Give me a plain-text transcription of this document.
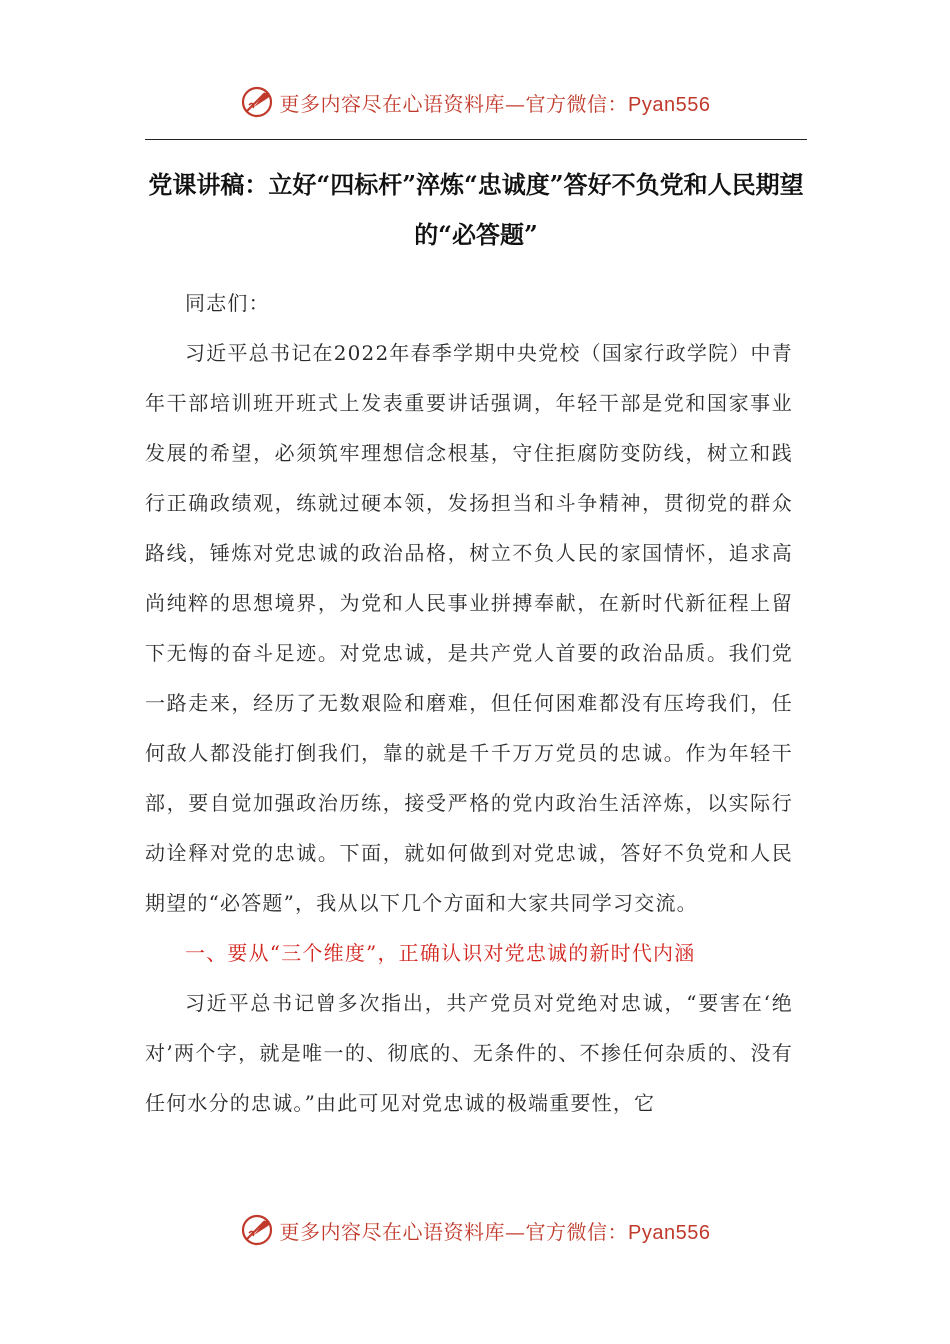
更多内容尽在心语资料库—官方微信：Pyan556
党课讲稿：立好“四标杆”淬炼“忠诚度”答好不负党和人民期望的“必答题”

同志们：

习近平总书记在2022年春季学期中央党校（国家行政学院）中青年干部培训班开班式上发表重要讲话强调，年轻干部是党和国家事业发展的希望，必须筑牢理想信念根基，守住拒腐防变防线，树立和践行正确政绩观，练就过硬本领，发扬担当和斗争精神，贯彻党的群众路线，锤炼对党忠诚的政治品格，树立不负人民的家国情怀，追求高尚纯粹的思想境界，为党和人民事业拼搏奉献，在新时代新征程上留下无悔的奋斗足迹。对党忠诚，是共产党人首要的政治品质。我们党一路走来，经历了无数艰险和磨难，但任何困难都没有压垮我们，任何敌人都没能打倒我们，靠的就是千千万万党员的忠诚。作为年轻干部，要自觉加强政治历练，接受严格的党内政治生活淬炼，以实际行动诠释对党的忠诚。下面，就如何做到对党忠诚，答好不负党和人民期望的“必答题”，我从以下几个方面和大家共同学习交流。

一、要从“三个维度”，正确认识对党忠诚的新时代内涵

习近平总书记曾多次指出，共产党员对党绝对忠诚，“要害在‘绝对’两个字，就是唯一的、彻底的、无条件的、不掺任何杂质的、没有任何水分的忠诚。”由此可见对党忠诚的极端重要性，它

更多内容尽在心语资料库—官方微信：Pyan556
